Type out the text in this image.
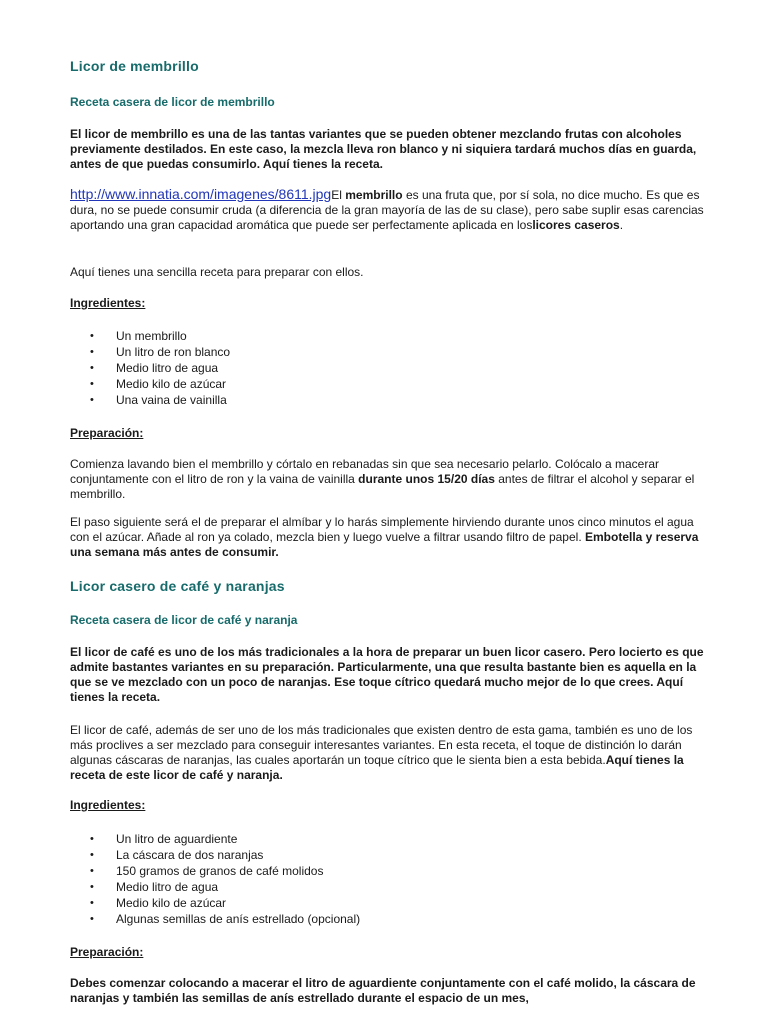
Licor de membrillo
Receta casera de licor de membrillo

El licor de membrillo es una de las tantas variantes que se pueden obtener mezclando frutas con alcoholes previamente destilados. En este caso, la mezcla lleva ron blanco y ni siquiera tardará muchos días en guarda, antes de que puedas consumirlo. Aquí tienes la receta.

http://www.innatia.com/imagenes/8611.jpgEl membrillo es una fruta que, por sí sola, no dice mucho. Es que es dura, no se puede consumir cruda (a diferencia de la gran mayoría de las de su clase), pero sabe suplir esas carencias aportando una gran capacidad aromática que puede ser perfectamente aplicada en loslicores caseros.

Aquí tienes una sencilla receta para preparar con ellos.

Ingredientes:
• Un membrillo
• Un litro de ron blanco
• Medio litro de agua
• Medio kilo de azúcar
• Una vaina de vainilla
Preparación:

Comienza lavando bien el membrillo y córtalo en rebanadas sin que sea necesario pelarlo. Colócalo a macerar conjuntamente con el litro de ron y la vaina de vainilla durante unos 15/20 días antes de filtrar el alcohol y separar el membrillo.

El paso siguiente será el de preparar el almíbar y lo harás simplemente hirviendo durante unos cinco minutos el agua con el azúcar. Añade al ron ya colado, mezcla bien y luego vuelve a filtrar usando filtro de papel. Embotella y reserva una semana más antes de consumir.

Licor casero de café y naranjas
Receta casera de licor de café y naranja

El licor de café es uno de los más tradicionales a la hora de preparar un buen licor casero. Pero locierto es que admite bastantes variantes en su preparación. Particularmente, una que resulta bastante bien es aquella en la que se ve mezclado con un poco de naranjas. Ese toque cítrico quedará mucho mejor de lo que crees. Aquí tienes la receta.

El licor de café, además de ser uno de los más tradicionales que existen dentro de esta gama, también es uno de los más proclives a ser mezclado para conseguir interesantes variantes. En esta receta, el toque de distinción lo darán algunas cáscaras de naranjas, las cuales aportarán un toque cítrico que le sienta bien a esta bebida.Aquí tienes la receta de este licor de café y naranja.

Ingredientes:
• Un litro de aguardiente
• La cáscara de dos naranjas
• 150 gramos de granos de café molidos
• Medio litro de agua
• Medio kilo de azúcar
• Algunas semillas de anís estrellado (opcional)
Preparación:

Debes comenzar colocando a macerar el litro de aguardiente conjuntamente con el café molido, la cáscara de naranjas y también las semillas de anís estrellado durante el espacio de un mes,
